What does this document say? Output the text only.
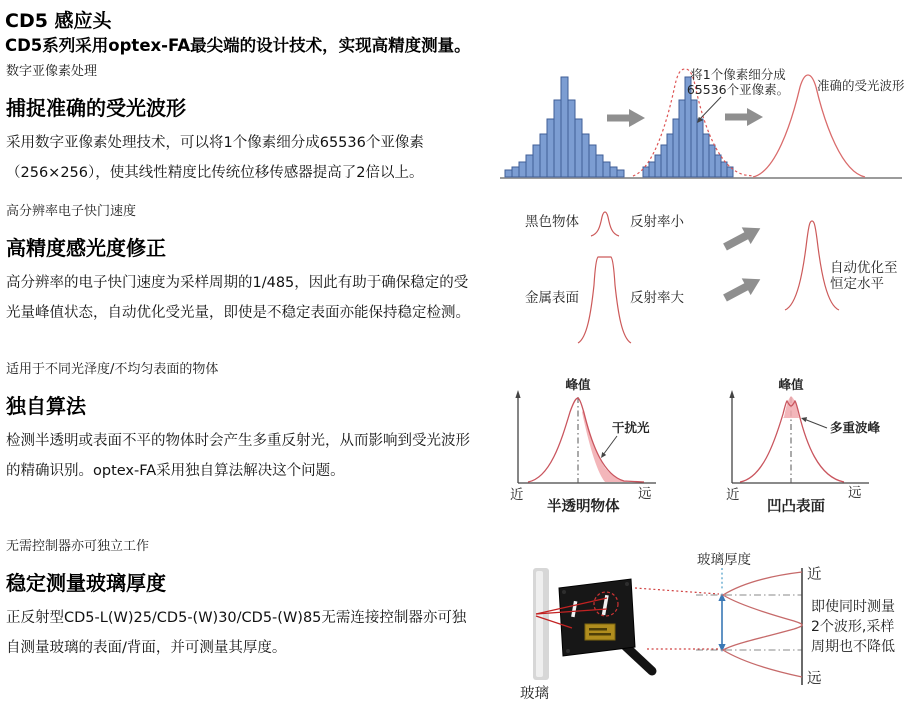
CD5 感应头
CD5系列采用optex-FA最尖端的设计技术，实现高精度测量。
数字亚像素处理
捕捉准确的受光波形
采用数字亚像素处理技术，可以将1个像素细分成65536个亚像素
（256×256），使其线性精度比传统位移传感器提高了2倍以上。
高分辨率电子快门速度
高精度感光度修正
高分辨率的电子快门速度为采样周期的1/485，因此有助于确保稳定的受
光量峰值状态，自动优化受光量，即使是不稳定表面亦能保持稳定检测。
适用于不同光泽度/不均匀表面的物体
独自算法
检测半透明或表面不平的物体时会产生多重反射光，从而影响到受光波形
的精确识别。optex-FA采用独自算法解决这个问题。
无需控制器亦可独立工作
稳定测量玻璃厚度
正反射型CD5-L(W)25/CD5-(W)30/CD5-(W)85无需连接控制器亦可独
自测量玻璃的表面/背面，并可测量其厚度。
将1个像素细分成
65536个亚像素。 准确的受光波形
黑色物体	反射率小
金属表面	反射率大
自动优化至
恒定水平
峰值
干扰光
近	远
半透明物体
峰值
多重波峰
近	远
凹凸表面
玻璃
玻璃厚度
近
远
即使同时测量
2个波形,采样
周期也不降低
